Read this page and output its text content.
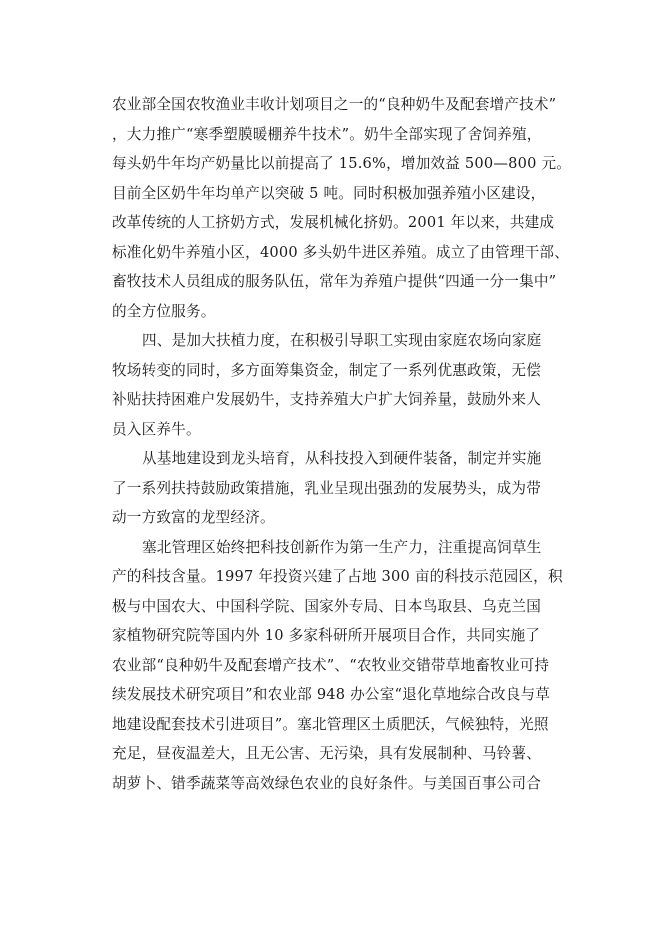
农业部全国农牧渔业丰收计划项目之一的“良种奶牛及配套增产技术”
，大力推广“寒季塑膜暖棚养牛技术”。奶牛全部实现了舍饲养殖，
每头奶牛年均产奶量比以前提高了 15.6%，增加效益 500—800 元。
目前全区奶牛年均单产以突破 5 吨。同时积极加强养殖小区建设，
改革传统的人工挤奶方式，发展机械化挤奶。2001 年以来，共建成
标准化奶牛养殖小区，4000 多头奶牛进区养殖。成立了由管理干部、
畜牧技术人员组成的服务队伍，常年为养殖户提供“四通一分一集中”
的全方位服务。
四、是加大扶植力度，在积极引导职工实现由家庭农场向家庭
牧场转变的同时，多方面筹集资金，制定了一系列优惠政策，无偿
补贴扶持困难户发展奶牛，支持养殖大户扩大饲养量，鼓励外来人
员入区养牛。
从基地建设到龙头培育，从科技投入到硬件装备，制定并实施
了一系列扶持鼓励政策措施，乳业呈现出强劲的发展势头，成为带
动一方致富的龙型经济。
塞北管理区始终把科技创新作为第一生产力，注重提高饲草生
产的科技含量。1997 年投资兴建了占地 300 亩的科技示范园区，积
极与中国农大、中国科学院、国家外专局、日本鸟取县、乌克兰国
家植物研究院等国内外 10 多家科研所开展项目合作，共同实施了
农业部“良种奶牛及配套增产技术”、“农牧业交错带草地畜牧业可持
续发展技术研究项目”和农业部 948 办公室“退化草地综合改良与草
地建设配套技术引进项目”。塞北管理区土质肥沃，气候独特，光照
充足，昼夜温差大，且无公害、无污染，具有发展制种、马铃薯、
胡萝卜、错季蔬菜等高效绿色农业的良好条件。与美国百事公司合
